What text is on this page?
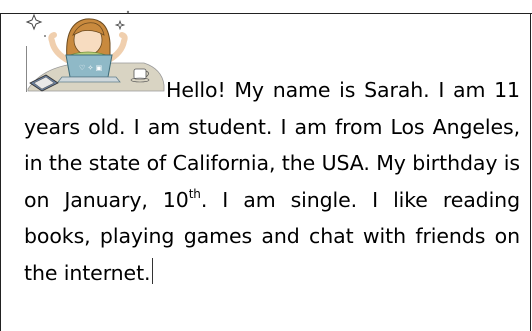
♡ ✧ ▣

Hello! My name is Sarah. I am 11 years old. I am student. I am from Los Angeles, in the state of California, the USA. My birthday is on January, 10th. I am single. I like reading books, playing games and chat with friends on the internet.
